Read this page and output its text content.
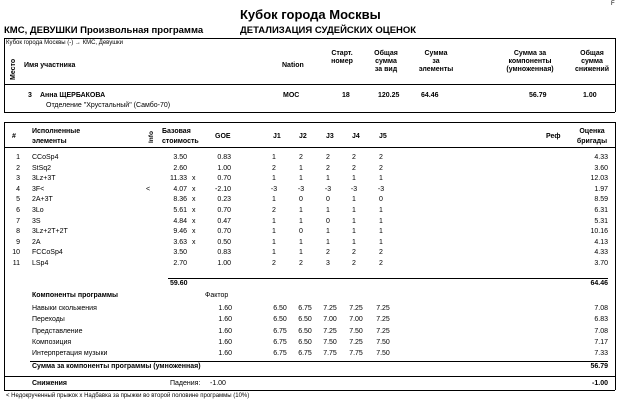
F
Кубок города Москвы
КМС, ДЕВУШКИ Произвольная программа	ДЕТАЛИЗАЦИЯ СУДЕЙСКИХ ОЦЕНОК
Кубок города Москвы (-) → КМС, Девушки
Место Имя участника	Nation
Старт.
номер
Общая
сумма
за вид
Сумма
за
элементы
Сумма за
компоненты
(умноженная)
Общая
сумма
снижений
3 Анна ЩЕРБАКОВА
Отделение "Хрустальный" (Самбо-70)
MOC	18	120.25	64.46	56.79	1.00
#
Исполненные
элементы	Info Базовая
стоимость
GOE	J1	J2	J3	J4	J5	Реф
Оценка
бригады
1 CCoSp4	3.50	0.83	1	2	2	2	2	4.33
2 StSq2	2.60	1.00	2	1	2	2	2	3.60
3 3Lz+3T	11.33 x	0.70	1	1	1	1	1	12.03
4 3F<	<	4.07 x	-2.10	-3	-3	-3	-3	-3	1.97
5 2A+3T	8.36 x	0.23	1	0	0	1	0	8.59
6 3Lo	5.61 x	0.70	2	1	1	1	1	6.31
7 3S	4.84 x	0.47	1	1	0	1	1	5.31
8 3Lz+2T+2T	9.46 x	0.70	1	0	1	1	1	10.16
9 2A	3.63 x	0.50	1	1	1	1	1	4.13
10 FCCoSp4	3.50	0.83	1	1	2	2	2	4.33
11 LSp4	2.70	1.00	2	2	3	2	2	3.70
59.60	64.46
Компоненты программы	Фактор
Навыки скольжения	1.60	6.50	6.75	7.25	7.25	7.25	7.08
Переходы	1.60	6.50	6.50	7.00	7.00	7.25	6.83
Представление	1.60	6.75	6.50	7.25	7.50	7.25	7.08
Композиция	1.60	6.75	6.50	7.50	7.25	7.50	7.17
Интерпретация музыки	1.60	6.75	6.75	7.75	7.75	7.50	7.33
Сумма за компоненты программы (умноженная)	56.79
Снижения	Падения: -1.00	-1.00
< Недокрученный прыжок x Надбавка за прыжки во второй половине программы (10%)
